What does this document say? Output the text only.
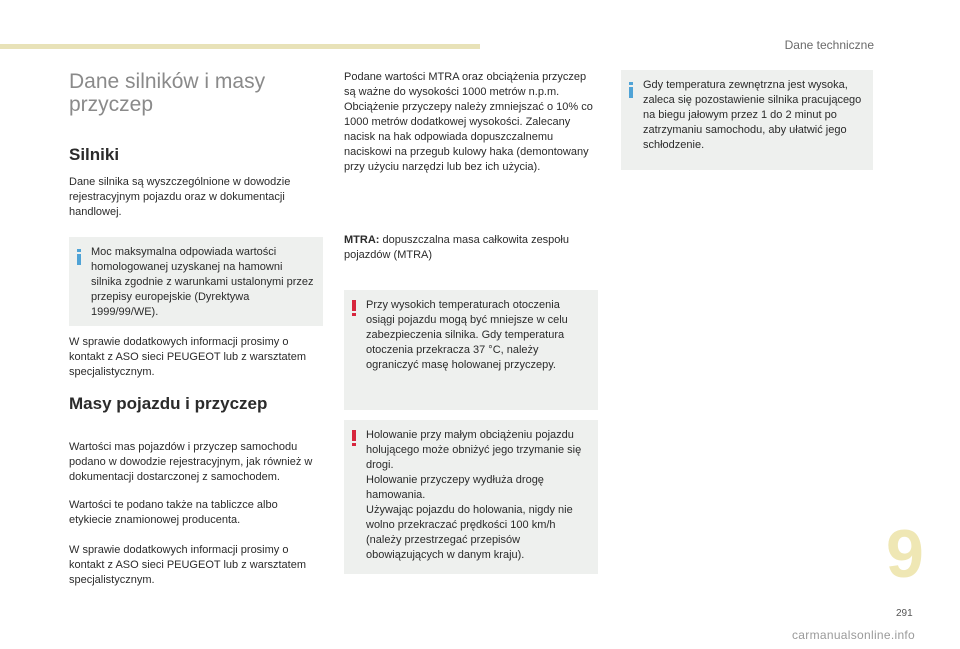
Dane techniczne
Dane silników i masy przyczep
Silniki

Dane silnika są wyszczególnione w dowodzie rejestracyjnym pojazdu oraz w dokumentacji handlowej.

Moc maksymalna odpowiada wartości homologowanej uzyskanej na hamowni silnika zgodnie z warunkami ustalonymi przez przepisy europejskie (Dyrektywa 1999/99/WE).

W sprawie dodatkowych informacji prosimy o kontakt z ASO sieci PEUGEOT lub z warsztatem specjalistycznym.

Masy pojazdu i przyczep

Wartości mas pojazdów i przyczep samochodu podano w dowodzie rejestracyjnym, jak również w dokumentacji dostarczonej z samochodem.

Wartości te podano także na tabliczce albo etykiecie znamionowej producenta.

W sprawie dodatkowych informacji prosimy o kontakt z ASO sieci PEUGEOT lub z warsztatem specjalistycznym.

Podane wartości MTRA oraz obciążenia przyczep są ważne do wysokości 1000 metrów n.p.m. Obciążenie przyczepy należy zmniejszać o 10% co 1000 metrów dodatkowej wysokości. Zalecany nacisk na hak odpowiada dopuszczalnemu naciskowi na przegub kulowy haka (demontowany przy użyciu narzędzi lub bez ich użycia).

MTRA: dopuszczalna masa całkowita zespołu pojazdów (MTRA)

Przy wysokich temperaturach otoczenia osiągi pojazdu mogą być mniejsze w celu zabezpieczenia silnika. Gdy temperatura otoczenia przekracza 37 °C, należy ograniczyć masę holowanej przyczepy.

Holowanie przy małym obciążeniu pojazdu holującego może obniżyć jego trzymanie się drogi.

Holowanie przyczepy wydłuża drogę hamowania.

Używając pojazdu do holowania, nigdy nie wolno przekraczać prędkości 100 km/h (należy przestrzegać przepisów obowiązujących w danym kraju).

Gdy temperatura zewnętrzna jest wysoka, zaleca się pozostawienie silnika pracującego na biegu jałowym przez 1 do 2 minut po zatrzymaniu samochodu, aby ułatwić jego schłodzenie.
9
291
carmanualsonline.info
